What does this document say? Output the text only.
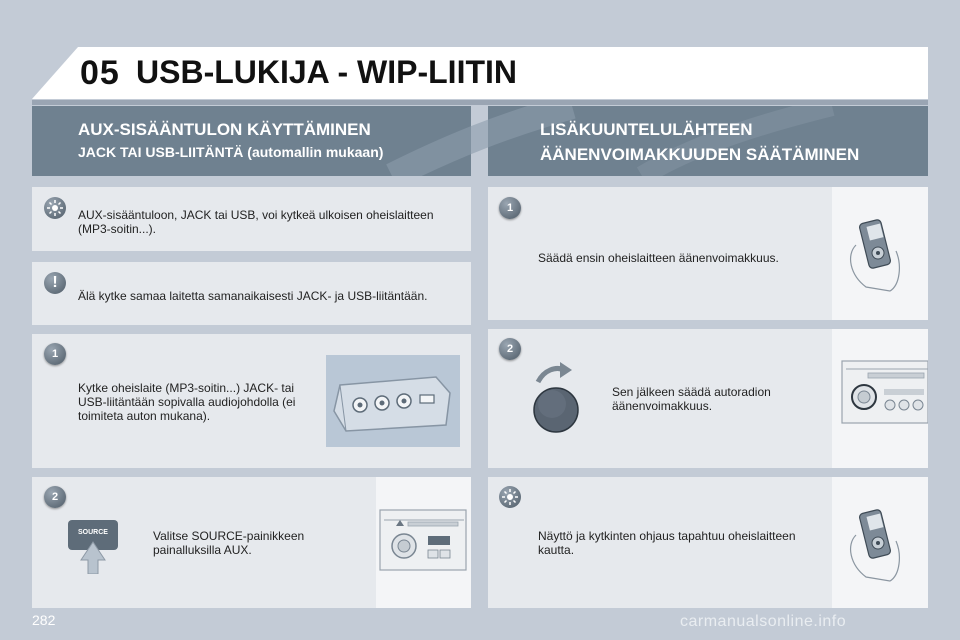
05 USB-LUKIJA - WIP-LIITIN
AUX-SISÄÄNTULON KÄYTTÄMINEN
JACK TAI USB-LIITÄNTÄ (automallin mukaan)
LISÄKUUNTELULÄHTEEN
ÄÄNENVOIMAKKUUDEN SÄÄTÄMINEN
AUX-sisääntuloon, JACK tai USB, voi kytkeä ulkoisen oheislaitteen (MP3-soitin...).
!
Älä kytke samaa laitetta samanaikaisesti JACK- ja USB-liitäntään.
1
Kytke oheislaite (MP3-soitin...) JACK- tai USB-liitäntään sopivalla audiojohdolla (ei toimiteta auton mukana).
2
SOURCE	Valitse SOURCE-painikkeen painalluksilla AUX.
1
Säädä ensin oheislaitteen äänenvoimakkuus.
2
Sen jälkeen säädä autoradion äänenvoimakkuus.
Näyttö ja kytkinten ohjaus tapahtuu oheislaitteen kautta.
282	carmanualsonline.info
